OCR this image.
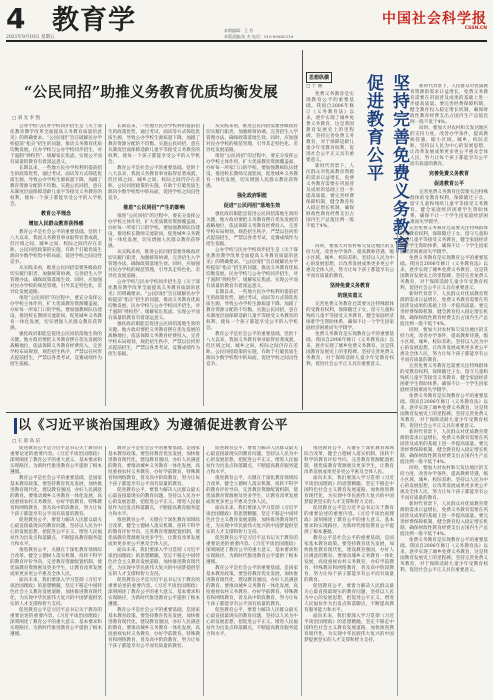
4
2021年9月10日 星期五
教育学	本期编辑：王 芳
本版责编/张 杰 电话：010-85885216
中国社会科学报
CSSN.CN
“公民同招”助推义务教育优质均衡发展
□ 刘 光 李 凯

公办学校与民办学校同步招生是《关于深化教育教学改革全面提高义务教育质量的意见》的明确要求。“公民同招”旨在破解民办学校提前“掐尖”招生的问题，推动义务教育优质均衡发展。民办学校与公办学校同步招生，对于遏制“择校热”、缓解家长焦虑、实现公平而有质量的教育有着深远意义。

长期以来，一些地方民办学校利用提前招生的政策优势，通过考试、面试等方式筛选优质生源，导致公办学校生源质量下降，加剧了教育资源分配的不均衡。实施公民同招，意在从制度层面保障适龄儿童平等接受义务教育的权利，使每一个孩子都能享受公平的入学机会。

教育公平理念
增加人民群众教育获得感

教育公平是社会公平的重要基础。党的十八大以来，我国义务教育事业取得显著成就，但区域之间、城乡之间、校际之间仍存在差距。公民同招政策的实施，有助于打破优质生源向少数学校集中的局面，促进学校之间良性竞争。

从实践来看，推进公民同招需要各级政府切实履行职责，加强统筹协调，完善招生入学管理办法，确保政策落地生效。同时，应加强对民办学校的规范管理，引导其走特色化、差异化发展道路。

推进“公民同招”的过程中，要充分发挥公办学校主体作用，扩大优质教育资源覆盖面，办好每一所家门口的学校。要加强教师队伍建设，推进校长教师交流轮岗，促进城乡义务教育一体化发展，切实增强人民群众教育获得感。

强化政府职能是促进公民同招落地生效的关键。地方政府要把义务教育摆在优先发展的战略地位，依法保障义务教育经费投入，完善学校布局规划，规范招生秩序，严禁以任何形式提前招生，严禁以各类考试、竞赛成绩作为招生依据。

长期以来，一些地方民办学校利用提前招生的政策优势，通过考试、面试等方式筛选优质生源，导致公办学校生源质量下降，加剧了教育资源分配的不均衡。实施公民同招，意在从制度层面保障适龄儿童平等接受义务教育的权利，使每一个孩子都能享受公平的入学机会。

教育公平是社会公平的重要基础。党的十八大以来，我国义务教育事业取得显著成就，但区域之间、城乡之间、校际之间仍存在差距。公民同招政策的实施，有助于打破优质生源向少数学校集中的局面，促进学校之间良性竞争。

推进“公民同招”产生的影响

推进“公民同招”的过程中，要充分发挥公办学校主体作用，扩大优质教育资源覆盖面，办好每一所家门口的学校。要加强教师队伍建设，推进校长教师交流轮岗，促进城乡义务教育一体化发展，切实增强人民群众教育获得感。

从实践来看，推进公民同招需要各级政府切实履行职责，加强统筹协调，完善招生入学管理办法，确保政策落地生效。同时，应加强对民办学校的规范管理，引导其走特色化、差异化发展道路。

公办学校与民办学校同步招生是《关于深化教育教学改革全面提高义务教育质量的意见》的明确要求。“公民同招”旨在破解民办学校提前“掐尖”招生的问题，推动义务教育优质均衡发展。民办学校与公办学校同步招生，对于遏制“择校热”、缓解家长焦虑、实现公平而有质量的教育有着深远意义。

强化政府职能是促进公民同招落地生效的关键。地方政府要把义务教育摆在优先发展的战略地位，依法保障义务教育经费投入，完善学校布局规划，规范招生秩序，严禁以任何形式提前招生，严禁以各类考试、竞赛成绩作为招生依据。

从实践来看，推进公民同招需要各级政府切实履行职责，加强统筹协调，完善招生入学管理办法，确保政策落地生效。同时，应加强对民办学校的规范管理，引导其走特色化、差异化发展道路。

推进“公民同招”的过程中，要充分发挥公办学校主体作用，扩大优质教育资源覆盖面，办好每一所家门口的学校。要加强教师队伍建设，推进校长教师交流轮岗，促进城乡义务教育一体化发展，切实增强人民群众教育获得感。

强化政府职能
促进“公民同招”落地生效

强化政府职能是促进公民同招落地生效的关键。地方政府要把义务教育摆在优先发展的战略地位，依法保障义务教育经费投入，完善学校布局规划，规范招生秩序，严禁以任何形式提前招生，严禁以各类考试、竞赛成绩作为招生依据。

公办学校与民办学校同步招生是《关于深化教育教学改革全面提高义务教育质量的意见》的明确要求。“公民同招”旨在破解民办学校提前“掐尖”招生的问题，推动义务教育优质均衡发展。民办学校与公办学校同步招生，对于遏制“择校热”、缓解家长焦虑、实现公平而有质量的教育有着深远意义。

长期以来，一些地方民办学校利用提前招生的政策优势，通过考试、面试等方式筛选优质生源，导致公办学校生源质量下降，加剧了教育资源分配的不均衡。实施公民同招，意在从制度层面保障适龄儿童平等接受义务教育的权利，使每一个孩子都能享受公平的入学机会。

教育公平是社会公平的重要基础。党的十八大以来，我国义务教育事业取得显著成就，但区域之间、城乡之间、校际之间仍存在差距。公民同招政策的实施，有助于打破优质生源向少数学校集中的局面，促进学校之间良性竞争。

思想纵横	促进教育公平 坚持完善免费义务教育
□ 于 丽

免费义务教育是实现教育公平的重要基础。我国自2006年修订《义务教育法》以来，逐步实现了城乡免费义务教育，这是我国教育发展史上的里程碑。坚持完善免费义务教育，对于保障适龄儿童少年受教育权利、促进社会公平正义具有重要意义。

新时代背景下，人民群众对优质教育资源的需求日益增长，免费义务教育需要在巩固普及成果的基础上进一步提高质量。要完善经费保障机制，健全教育投入稳定增长机制，确保财政性教育经费支出占国内生产总值比例一般不低于4%。

新时代背景下，人民群众对优质教育资源的需求日益增长，免费义务教育需要在巩固普及成果的基础上进一步提高质量。要完善经费保障机制，健全教育投入稳定增长机制，确保财政性教育经费支出占国内生产总值比例一般不低于4%。

同时，要加大对农村和欠发达地区的支持力度，改善办学条件，提高教师待遇，缩小区域、城乡、校际差距。坚持以人民为中心的发展思想，让改革发展成果更多更公平惠及全体人民，努力让每个孩子都能享有公平而有质量的教育。

完善免费义务教育
促进教育公平

完善免费义务教育还需要关注特殊群体的受教育权利，保障随迁子女、留守儿童和残疾儿童平等接受义务教育，健全家庭经济困难学生资助体系，确保不让一个学生因家庭经济困难而失学辍学。

同时，要加大对农村和欠发达地区的支持力度，改善办学条件，提高教师待遇，缩小区域、城乡、校际差距。坚持以人民为中心的发展思想，让改革发展成果更多更公平惠及全体人民，努力让每个孩子都能享有公平而有质量的教育。

坚持免费义务教育
的现实意义

完善免费义务教育还需要关注特殊群体的受教育权利，保障随迁子女、留守儿童和残疾儿童平等接受义务教育，健全家庭经济困难学生资助体系，确保不让一个学生因家庭经济困难而失学辍学。

免费义务教育是实现教育公平的重要基础。我国自2006年修订《义务教育法》以来，逐步实现了城乡免费义务教育，这是我国教育发展史上的里程碑。坚持完善免费义务教育，对于保障适龄儿童少年受教育权利、促进社会公平正义具有重要意义。

完善免费义务教育还需要关注特殊群体的受教育权利，保障随迁子女、留守儿童和残疾儿童平等接受义务教育，健全家庭经济困难学生资助体系，确保不让一个学生因家庭经济困难而失学辍学。

免费义务教育是实现教育公平的重要基础。我国自2006年修订《义务教育法》以来，逐步实现了城乡免费义务教育，这是我国教育发展史上的里程碑。坚持完善免费义务教育，对于保障适龄儿童少年受教育权利、促进社会公平正义具有重要意义。

新时代背景下，人民群众对优质教育资源的需求日益增长，免费义务教育需要在巩固普及成果的基础上进一步提高质量。要完善经费保障机制，健全教育投入稳定增长机制，确保财政性教育经费支出占国内生产总值比例一般不低于4%。

同时，要加大对农村和欠发达地区的支持力度，改善办学条件，提高教师待遇，缩小区域、城乡、校际差距。坚持以人民为中心的发展思想，让改革发展成果更多更公平惠及全体人民，努力让每个孩子都能享有公平而有质量的教育。

完善免费义务教育还需要关注特殊群体的受教育权利，保障随迁子女、留守儿童和残疾儿童平等接受义务教育，健全家庭经济困难学生资助体系，确保不让一个学生因家庭经济困难而失学辍学。

免费义务教育是实现教育公平的重要基础。我国自2006年修订《义务教育法》以来，逐步实现了城乡免费义务教育，这是我国教育发展史上的里程碑。坚持完善免费义务教育，对于保障适龄儿童少年受教育权利、促进社会公平正义具有重要意义。

新时代背景下，人民群众对优质教育资源的需求日益增长，免费义务教育需要在巩固普及成果的基础上进一步提高质量。要完善经费保障机制，健全教育投入稳定增长机制，确保财政性教育经费支出占国内生产总值比例一般不低于4%。

同时，要加大对农村和欠发达地区的支持力度，改善办学条件，提高教师待遇，缩小区域、城乡、校际差距。坚持以人民为中心的发展思想，让改革发展成果更多更公平惠及全体人民，努力让每个孩子都能享有公平而有质量的教育。

新时代背景下，人民群众对优质教育资源的需求日益增长，免费义务教育需要在巩固普及成果的基础上进一步提高质量。要完善经费保障机制，健全教育投入稳定增长机制，确保财政性教育经费支出占国内生产总值比例一般不低于4%。

免费义务教育是实现教育公平的重要基础。我国自2006年修订《义务教育法》以来，逐步实现了城乡免费义务教育，这是我国教育发展史上的里程碑。坚持完善免费义务教育，对于保障适龄儿童少年受教育权利、促进社会公平正义具有重要意义。

以《习近平谈治国理政》为遵循促进教育公平
□ 王 晨 高 洁

促进教育公平是习近平总书记关于教育的重要论述的重要内容。《习近平谈治国理政》深刻阐述了教育公平的重大意义、基本要求和实现路径，为新时代推进教育公平提供了根本遵循。

教育公平是社会公平的重要基础，是国家基本教育政策。要坚持教育优先发展，加快推进教育现代化，建设教育强国，办好人民满意的教育。要推动城乡义务教育一体化发展，高度重视农村义务教育，办好学前教育、特殊教育和网络教育，普及高中阶段教育，努力让每个孩子都能享有公平而有质量的教育。

促进教育公平，要着力解决人民群众最关心最直接最现实的教育问题，坚持以人民为中心的发展思想，把促进公平正义、增进人民福祉作为出发点和落脚点，不断提高教育服务能力和水平。

推进教育公平，关键在于深化教育领域综合改革，健全立德树人落实机制，扭转不科学的教育评价导向，完善教育资源配置机制，使优质教育资源惠及更多学生，让教育改革发展成果更多更公平惠及全体人民。

面向未来，我们要深入学习贯彻《习近平谈治国理政》的思想精髓，坚定不移走中国特色社会主义教育发展道路，加快推进教育现代化，为实现中华民族伟大复兴的中国梦提供坚实的人才支撑和智力支持。

促进教育公平是习近平总书记关于教育的重要论述的重要内容。《习近平谈治国理政》深刻阐述了教育公平的重大意义、基本要求和实现路径，为新时代推进教育公平提供了根本遵循。

教育公平是社会公平的重要基础，是国家基本教育政策。要坚持教育优先发展，加快推进教育现代化，建设教育强国，办好人民满意的教育。要推动城乡义务教育一体化发展，高度重视农村义务教育，办好学前教育、特殊教育和网络教育，普及高中阶段教育，努力让每个孩子都能享有公平而有质量的教育。

促进教育公平，要着力解决人民群众最关心最直接最现实的教育问题，坚持以人民为中心的发展思想，把促进公平正义、增进人民福祉作为出发点和落脚点，不断提高教育服务能力和水平。

推进教育公平，关键在于深化教育领域综合改革，健全立德树人落实机制，扭转不科学的教育评价导向，完善教育资源配置机制，使优质教育资源惠及更多学生，让教育改革发展成果更多更公平惠及全体人民。

面向未来，我们要深入学习贯彻《习近平谈治国理政》的思想精髓，坚定不移走中国特色社会主义教育发展道路，加快推进教育现代化，为实现中华民族伟大复兴的中国梦提供坚实的人才支撑和智力支持。

促进教育公平是习近平总书记关于教育的重要论述的重要内容。《习近平谈治国理政》深刻阐述了教育公平的重大意义、基本要求和实现路径，为新时代推进教育公平提供了根本遵循。

教育公平是社会公平的重要基础，是国家基本教育政策。要坚持教育优先发展，加快推进教育现代化，建设教育强国，办好人民满意的教育。要推动城乡义务教育一体化发展，高度重视农村义务教育，办好学前教育、特殊教育和网络教育，普及高中阶段教育，努力让每个孩子都能享有公平而有质量的教育。

促进教育公平，要着力解决人民群众最关心最直接最现实的教育问题，坚持以人民为中心的发展思想，把促进公平正义、增进人民福祉作为出发点和落脚点，不断提高教育服务能力和水平。

推进教育公平，关键在于深化教育领域综合改革，健全立德树人落实机制，扭转不科学的教育评价导向，完善教育资源配置机制，使优质教育资源惠及更多学生，让教育改革发展成果更多更公平惠及全体人民。

面向未来，我们要深入学习贯彻《习近平谈治国理政》的思想精髓，坚定不移走中国特色社会主义教育发展道路，加快推进教育现代化，为实现中华民族伟大复兴的中国梦提供坚实的人才支撑和智力支持。

促进教育公平是习近平总书记关于教育的重要论述的重要内容。《习近平谈治国理政》深刻阐述了教育公平的重大意义、基本要求和实现路径，为新时代推进教育公平提供了根本遵循。

教育公平是社会公平的重要基础，是国家基本教育政策。要坚持教育优先发展，加快推进教育现代化，建设教育强国，办好人民满意的教育。要推动城乡义务教育一体化发展，高度重视农村义务教育，办好学前教育、特殊教育和网络教育，普及高中阶段教育，努力让每个孩子都能享有公平而有质量的教育。

促进教育公平，要着力解决人民群众最关心最直接最现实的教育问题，坚持以人民为中心的发展思想，把促进公平正义、增进人民福祉作为出发点和落脚点，不断提高教育服务能力和水平。

推进教育公平，关键在于深化教育领域综合改革，健全立德树人落实机制，扭转不科学的教育评价导向，完善教育资源配置机制，使优质教育资源惠及更多学生，让教育改革发展成果更多更公平惠及全体人民。

面向未来，我们要深入学习贯彻《习近平谈治国理政》的思想精髓，坚定不移走中国特色社会主义教育发展道路，加快推进教育现代化，为实现中华民族伟大复兴的中国梦提供坚实的人才支撑和智力支持。

促进教育公平是习近平总书记关于教育的重要论述的重要内容。《习近平谈治国理政》深刻阐述了教育公平的重大意义、基本要求和实现路径，为新时代推进教育公平提供了根本遵循。

教育公平是社会公平的重要基础，是国家基本教育政策。要坚持教育优先发展，加快推进教育现代化，建设教育强国，办好人民满意的教育。要推动城乡义务教育一体化发展，高度重视农村义务教育，办好学前教育、特殊教育和网络教育，普及高中阶段教育，努力让每个孩子都能享有公平而有质量的教育。

促进教育公平，要着力解决人民群众最关心最直接最现实的教育问题，坚持以人民为中心的发展思想，把促进公平正义、增进人民福祉作为出发点和落脚点，不断提高教育服务能力和水平。

面向未来，我们要深入学习贯彻《习近平谈治国理政》的思想精髓，坚定不移走中国特色社会主义教育发展道路，加快推进教育现代化，为实现中华民族伟大复兴的中国梦提供坚实的人才支撑和智力支持。
